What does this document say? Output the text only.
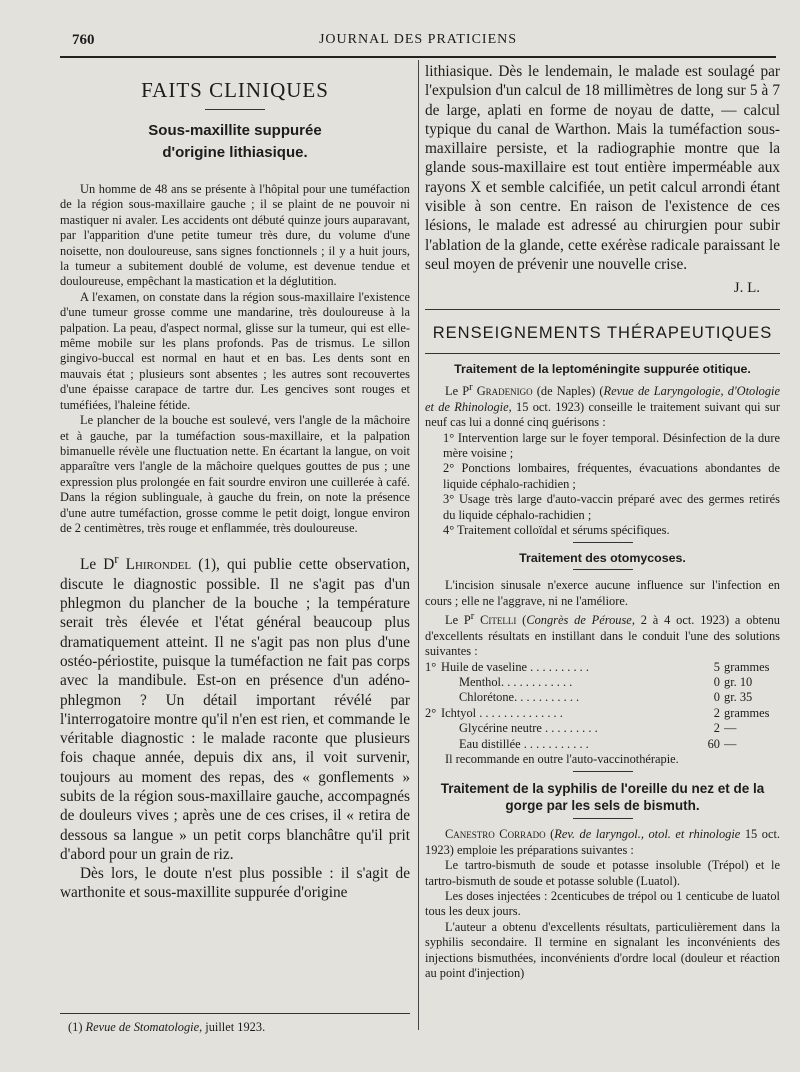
760	JOURNAL DES PRATICIENS
FAITS CLINIQUES
Sous-maxillite suppurée
d'origine lithiasique.

Un homme de 48 ans se présente à l'hôpital pour une tuméfaction de la région sous-maxillaire gauche ; il se plaint de ne pouvoir ni mastiquer ni avaler. Les accidents ont débuté quinze jours auparavant, par l'apparition d'une petite tumeur très dure, du volume d'une noisette, non douloureuse, sans signes fonctionnels ; il y a huit jours, la tumeur a subitement doublé de volume, est devenue tendue et douloureuse, empêchant la mastication et la déglutition.

A l'examen, on constate dans la région sous-maxillaire l'existence d'une tumeur grosse comme une mandarine, très douloureuse à la palpation. La peau, d'aspect normal, glisse sur la tumeur, qui est elle-même mobile sur les plans profonds. Pas de trismus. Le sillon gingivo-buccal est normal en haut et en bas. Les dents sont en mauvais état ; plusieurs sont absentes ; les autres sont recouvertes d'une épaisse carapace de tartre dur. Les gencives sont rouges et tuméfiées, l'haleine fétide.

Le plancher de la bouche est soulevé, vers l'angle de la mâchoire et à gauche, par la tuméfaction sous-maxillaire, et la palpation bimanuelle révèle une fluctuation nette. En écartant la langue, on voit apparaître vers l'angle de la mâchoire quelques gouttes de pus ; une expression plus prolongée en fait sourdre environ une cuillerée à café. Dans la région sublinguale, à gauche du frein, on note la présence d'une autre tuméfaction, grosse comme le petit doigt, longue environ de 2 centimètres, très rouge et enflammée, très douloureuse.

Le $D^r$ Lhirondel (1), qui publie cette observation, discute le diagnostic possible. Il ne s'agit pas d'un phlegmon du plancher de la bouche ; la température serait très élevée et l'état général beaucoup plus dramatiquement atteint. Il ne s'agit pas non plus d'une ostéo-périostite, puisque la tuméfaction ne fait pas corps avec la mandibule. Est-on en présence d'un adéno-phlegmon ? Un détail important révélé par l'interrogatoire montre qu'il n'en est rien, et commande le véritable diagnostic : le malade raconte que plusieurs fois chaque année, depuis dix ans, il voit survenir, toujours au moment des repas, des « gonflements » subits de la région sous-maxillaire gauche, accompagnés de douleurs vives ; après une de ces crises, il « retira de dessous sa langue » un petit corps blanchâtre qu'il prit d'abord pour un grain de riz.

Dès lors, le doute n'est plus possible : il s'agit de warthonite et sous-maxillite suppurée d'origine

(1) Revue de Stomatologie, juillet 1923.

lithiasique. Dès le lendemain, le malade est soulagé par l'expulsion d'un calcul de 18 millimètres de long sur 5 à 7 de large, aplati en forme de noyau de datte, — calcul typique du canal de Warthon. Mais la tuméfaction sous-maxillaire persiste, et la radiographie montre que la glande sous-maxillaire est tout entière imperméable aux rayons X et semble calcifiée, un petit calcul arrondi étant visible à son centre. En raison de l'existence de ces lésions, le malade est adressé au chirurgien pour subir l'ablation de la glande, cette exérèse radicale paraissant le seul moyen de prévenir une nouvelle crise.

J. L.
RENSEIGNEMENTS THÉRAPEUTIQUES
Traitement de la leptoméningite suppurée otitique.

Le $P^r$ Gradenigo (de Naples) (Revue de Laryngologie, d'Otologie et de Rhinologie, 15 oct. 1923) conseille le traitement suivant qui sur neuf cas lui a donné cinq guérisons :

1° Intervention large sur le foyer temporal. Désinfection de la dure mère voisine ;

2° Ponctions lombaires, fréquentes, évacuations abondantes de liquide céphalo-rachidien ;

3° Usage très large d'auto-vaccin préparé avec des germes retirés du liquide céphalo-rachidien ;

4° Traitement colloïdal et sérums spécifiques.

Traitement des otomycoses.

L'incision sinusale n'exerce aucune influence sur l'infection en cours ; elle ne l'aggrave, ni ne l'améliore.

Le $P^r$ Citelli (Congrès de Pérouse, 2 à 4 oct. 1923) a obtenu d'excellents résultats en instillant dans le conduit l'une des solutions suivantes :

1°	Huile de vaseline . . . . . . . . . .	5	grammes
	Menthol. . . . . . . . . . . .	0	gr. 10
	Chlorétone. . . . . . . . . . .	0	gr. 35
2°	Ichtyol . . . . . . . . . . . . . .	2	grammes
	Glycérine neutre . . . . . . . . .	2	—
	Eau distillée . . . . . . . . . . .	60	—

Il recommande en outre l'auto-vaccinothérapie.

Traitement de la syphilis de l'oreille du nez et de la gorge par les sels de bismuth.

Canestro Corrado (Rev. de laryngol., otol. et rhinologie 15 oct. 1923) emploie les préparations suivantes :

Le tartro-bismuth de soude et potasse insoluble (Trépol) et le tartro-bismuth de soude et potasse soluble (Luatol).

Les doses injectées : 2centicubes de trépol ou 1 centicube de luatol tous les deux jours.

L'auteur a obtenu d'excellents résultats, particulièrement dans la syphilis secondaire. Il termine en signalant les inconvénients des injections bismuthées, inconvénients d'ordre local (douleur et réaction au point d'injection)
